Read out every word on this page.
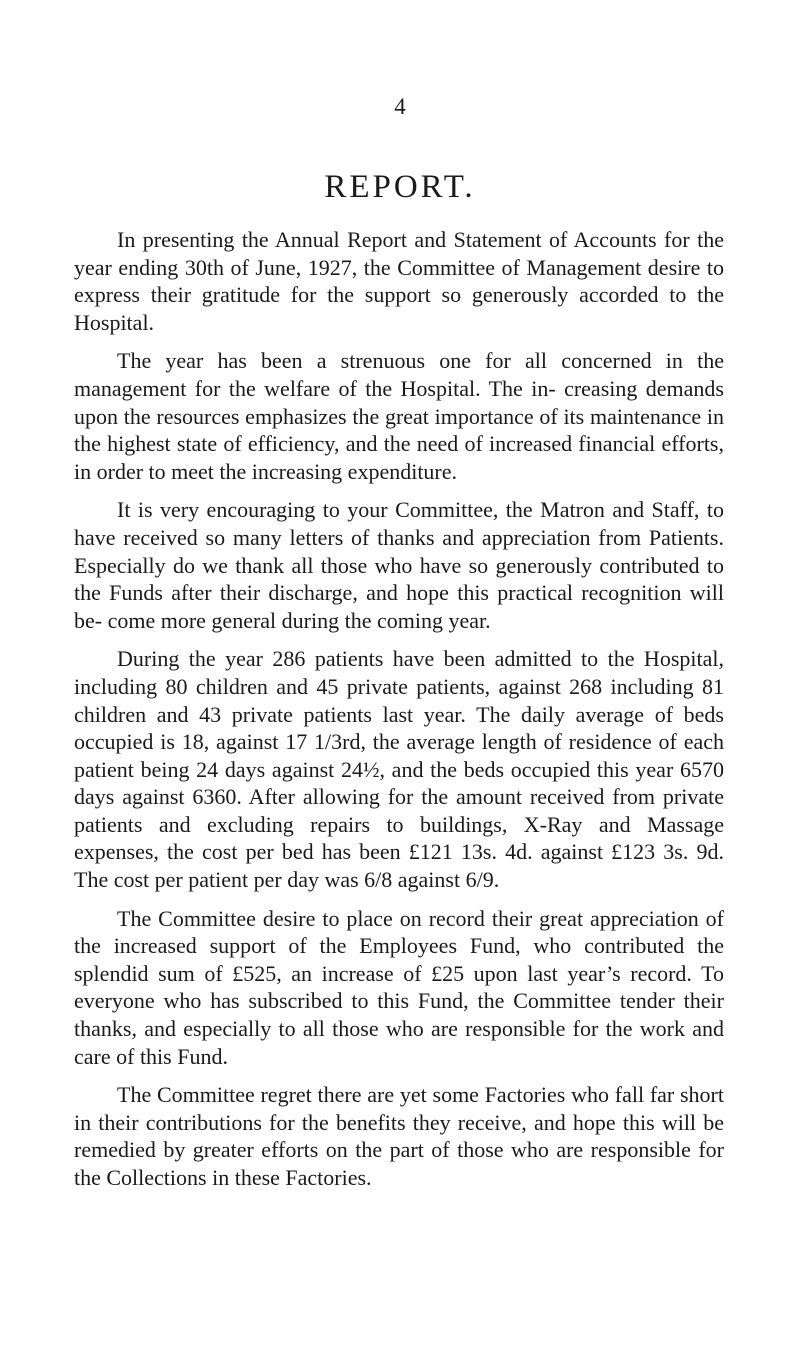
4
REPORT.

In presenting the Annual Report and Statement of Accounts for the year ending 30th of June, 1927, the Committee of Management desire to express their gratitude for the support so generously accorded to the Hospital.

The year has been a strenuous one for all concerned in the management for the welfare of the Hospital. The in- creasing demands upon the resources emphasizes the great importance of its maintenance in the highest state of efficiency, and the need of increased financial efforts, in order to meet the increasing expenditure.

It is very encouraging to your Committee, the Matron and Staff, to have received so many letters of thanks and appreciation from Patients. Especially do we thank all those who have so generously contributed to the Funds after their discharge, and hope this practical recognition will be- come more general during the coming year.

During the year 286 patients have been admitted to the Hospital, including 80 children and 45 private patients, against 268 including 81 children and 43 private patients last year. The daily average of beds occupied is 18, against 17 1/3rd, the average length of residence of each patient being 24 days against 24½, and the beds occupied this year 6570 days against 6360. After allowing for the amount received from private patients and excluding repairs to buildings, X-Ray and Massage expenses, the cost per bed has been £121 13s. 4d. against £123 3s. 9d. The cost per patient per day was 6/8 against 6/9.

The Committee desire to place on record their great appreciation of the increased support of the Employees Fund, who contributed the splendid sum of £525, an increase of £25 upon last year’s record. To everyone who has subscribed to this Fund, the Committee tender their thanks, and especially to all those who are responsible for the work and care of this Fund.

The Committee regret there are yet some Factories who fall far short in their contributions for the benefits they receive, and hope this will be remedied by greater efforts on the part of those who are responsible for the Collections in these Factories.
